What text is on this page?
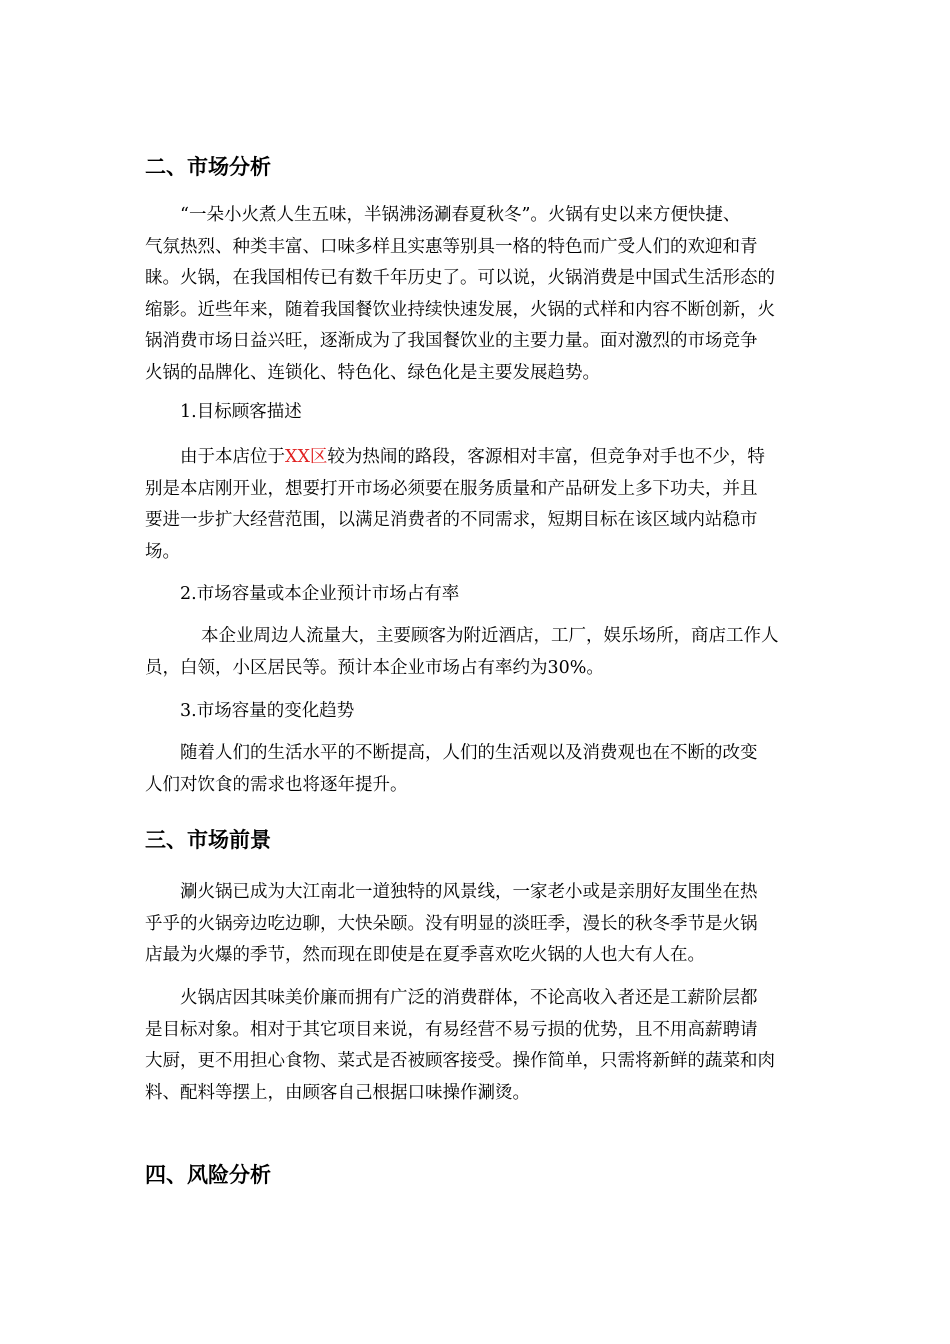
二、市场分析
“一朵小火煮人生五味，半锅沸汤涮春夏秋冬”。火锅有史以来方便快捷、
气氛热烈、种类丰富、口味多样且实惠等别具一格的特色而广受人们的欢迎和青
睐。火锅，在我国相传已有数千年历史了。可以说，火锅消费是中国式生活形态的
缩影。近些年来，随着我国餐饮业持续快速发展，火锅的式样和内容不断创新，火
锅消费市场日益兴旺，逐渐成为了我国餐饮业的主要力量。面对激烈的市场竞争
火锅的品牌化、连锁化、特色化、绿色化是主要发展趋势。
1.目标顾客描述
由于本店位于XX区较为热闹的路段，客源相对丰富，但竞争对手也不少，特
别是本店刚开业，想要打开市场必须要在服务质量和产品研发上多下功夫，并且
要进一步扩大经营范围，以满足消费者的不同需求，短期目标在该区域内站稳市
场。
2.市场容量或本企业预计市场占有率
本企业周边人流量大，主要顾客为附近酒店，工厂，娱乐场所，商店工作人
员，白领，小区居民等。预计本企业市场占有率约为30%。
3.市场容量的变化趋势
随着人们的生活水平的不断提高，人们的生活观以及消费观也在不断的改变
人们对饮食的需求也将逐年提升。
三、市场前景
涮火锅已成为大江南北一道独特的风景线，一家老小或是亲朋好友围坐在热
乎乎的火锅旁边吃边聊，大快朵颐。没有明显的淡旺季，漫长的秋冬季节是火锅
店最为火爆的季节，然而现在即使是在夏季喜欢吃火锅的人也大有人在。
火锅店因其味美价廉而拥有广泛的消费群体，不论高收入者还是工薪阶层都
是目标对象。相对于其它项目来说，有易经营不易亏损的优势，且不用高薪聘请
大厨，更不用担心食物、菜式是否被顾客接受。操作简单，只需将新鲜的蔬菜和肉
料、配料等摆上，由顾客自己根据口味操作涮烫。
四、风险分析
